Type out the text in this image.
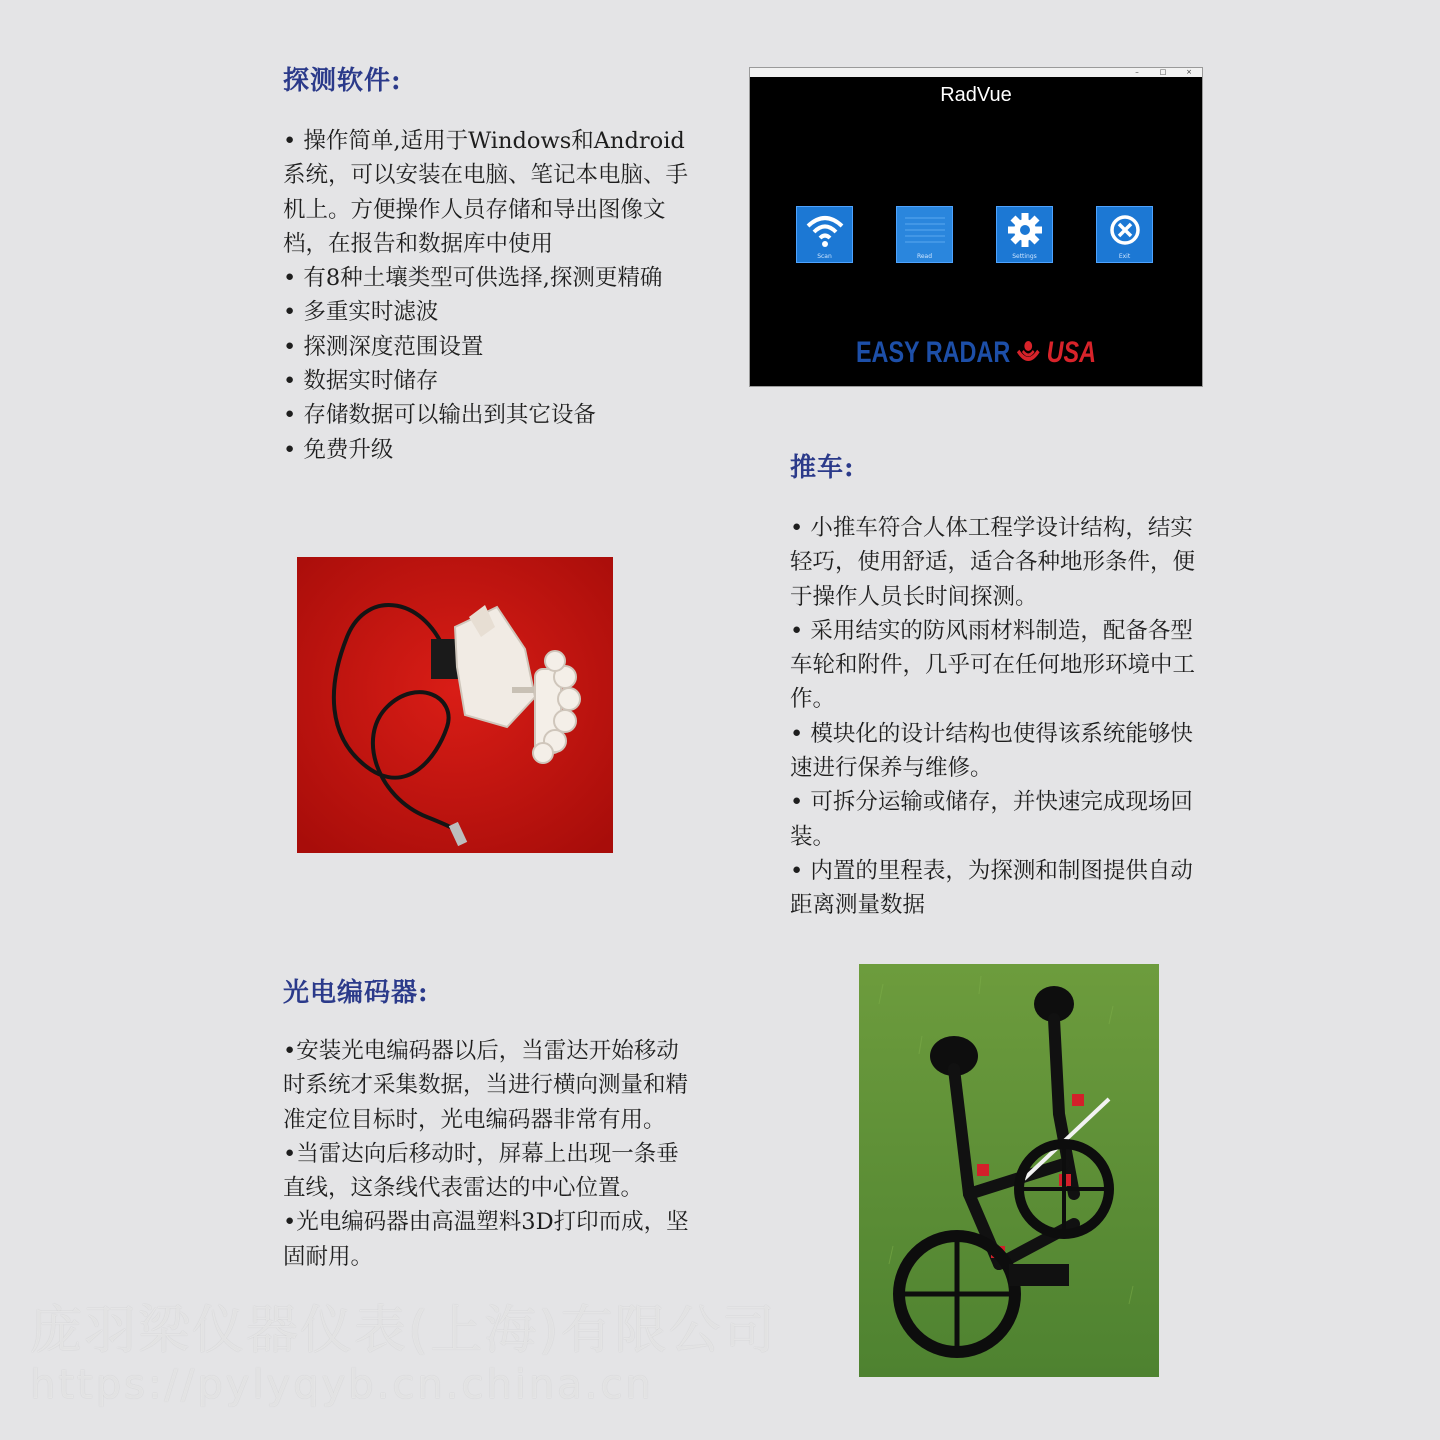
探测软件:

• 操作简单,适用于Windows和Android 系统，可以安装在电脑、笔记本电脑、手机上。方便操作人员存储和导出图像文档，在报告和数据库中使用

• 有8种土壤类型可供选择,探测更精确

• 多重实时滤波

• 探测深度范围设置

• 数据实时储存

• 存储数据可以输出到其它设备

• 免费升级

–	□	×
RadVue
Scan	Read	Settings	Exit
EASY RADAR USA
推车:

• 小推车符合人体工程学设计结构，结实轻巧，使用舒适，适合各种地形条件，便于操作人员长时间探测。

• 采用结实的防风雨材料制造，配备各型车轮和附件，几乎可在任何地形环境中工作。

• 模块化的设计结构也使得该系统能够快速进行保养与维修。

• 可拆分运输或储存，并快速完成现场回装。

• 内置的里程表，为探测和制图提供自动距离测量数据

光电编码器:

•安装光电编码器以后，当雷达开始移动时系统才采集数据，当进行横向测量和精准定位目标时，光电编码器非常有用。

•当雷达向后移动时，屏幕上出现一条垂直线，这条线代表雷达的中心位置。

•光电编码器由高温塑料3D打印而成，坚固耐用。

庞羽梁仪器仪表(上海)有限公司
https://pylyqyb.cn.china.cn
